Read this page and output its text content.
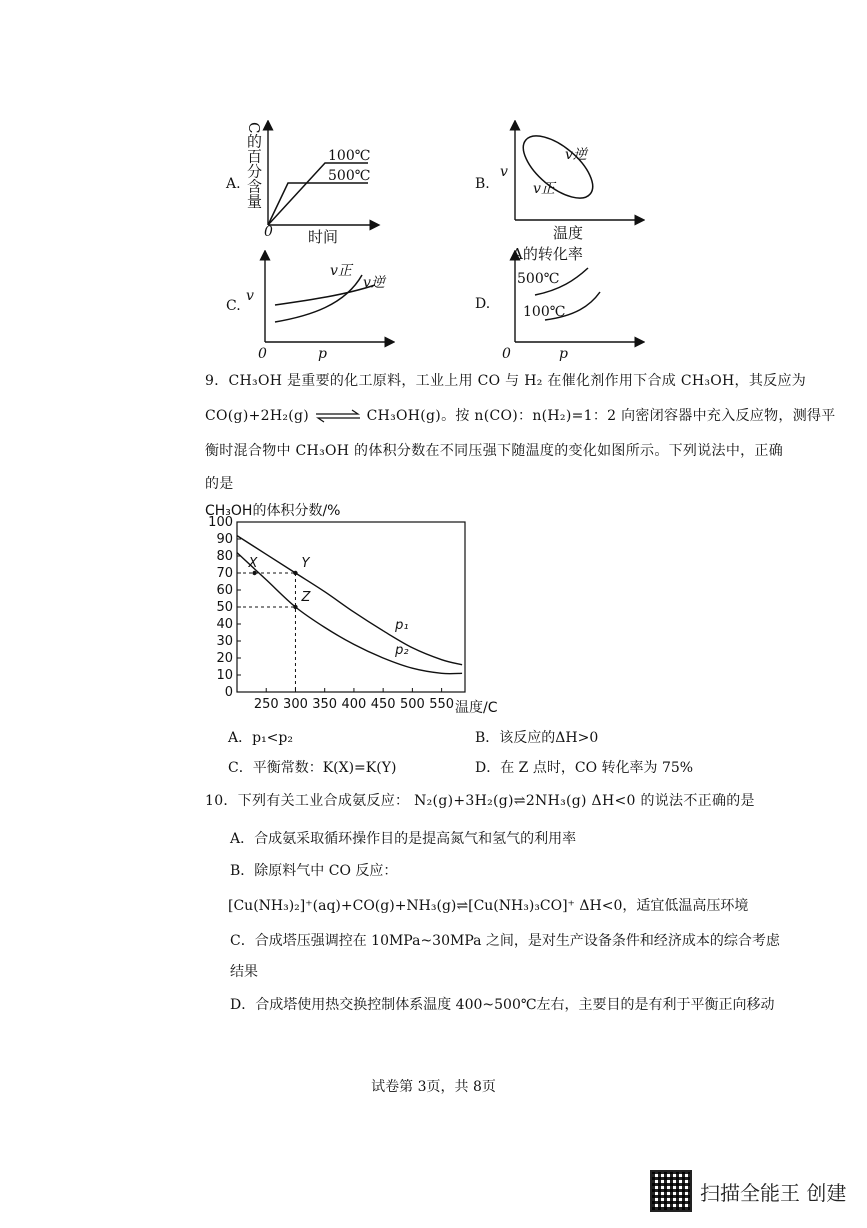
A. C的百分含量
0 时间
100℃
500℃	B.
v
温度
v逆
v正
C.
v
0	p
v正
v逆
D.
A的转化率
500℃
100℃
0	p
9．CH₃OH 是重要的化工原料，工业上用 CO 与 H₂ 在催化剂作用下合成 CH₃OH，其反应为
CO(g)+2H₂(g) ⇌ CH₃OH(g)。按 n(CO)：n(H₂)=1：2 向密闭容器中充入反应物，测得平
衡时混合物中 CH₃OH 的体积分数在不同压强下随温度的变化如图所示。下列说法中，正确
的是
CH₃OH的体积分数/%
p₁
p₂
X	Y
Z
0
10
20
30
40
50
60
70
80
90
100
250 300 350 400 450 500 550 温度/C
A．p₁<p₂	B．该反应的ΔH>0
C．平衡常数：K(X)=K(Y)	D．在 Z 点时，CO 转化率为 75%
10．下列有关工业合成氨反应： N₂(g)+3H₂(g)⇌2NH₃(g) ΔH<0 的说法不正确的是
A．合成氨采取循环操作目的是提高氮气和氢气的利用率
B．除原料气中 CO 反应：
[Cu(NH₃)₂]⁺(aq)+CO(g)+NH₃(g)⇌[Cu(NH₃)₃CO]⁺ ΔH<0，适宜低温高压环境
C．合成塔压强调控在 10MPa~30MPa 之间，是对生产设备条件和经济成本的综合考虑
结果
D．合成塔使用热交换控制体系温度 400~500℃左右，主要目的是有利于平衡正向移动
试卷第 3页，共 8页
扫描全能王 创建
